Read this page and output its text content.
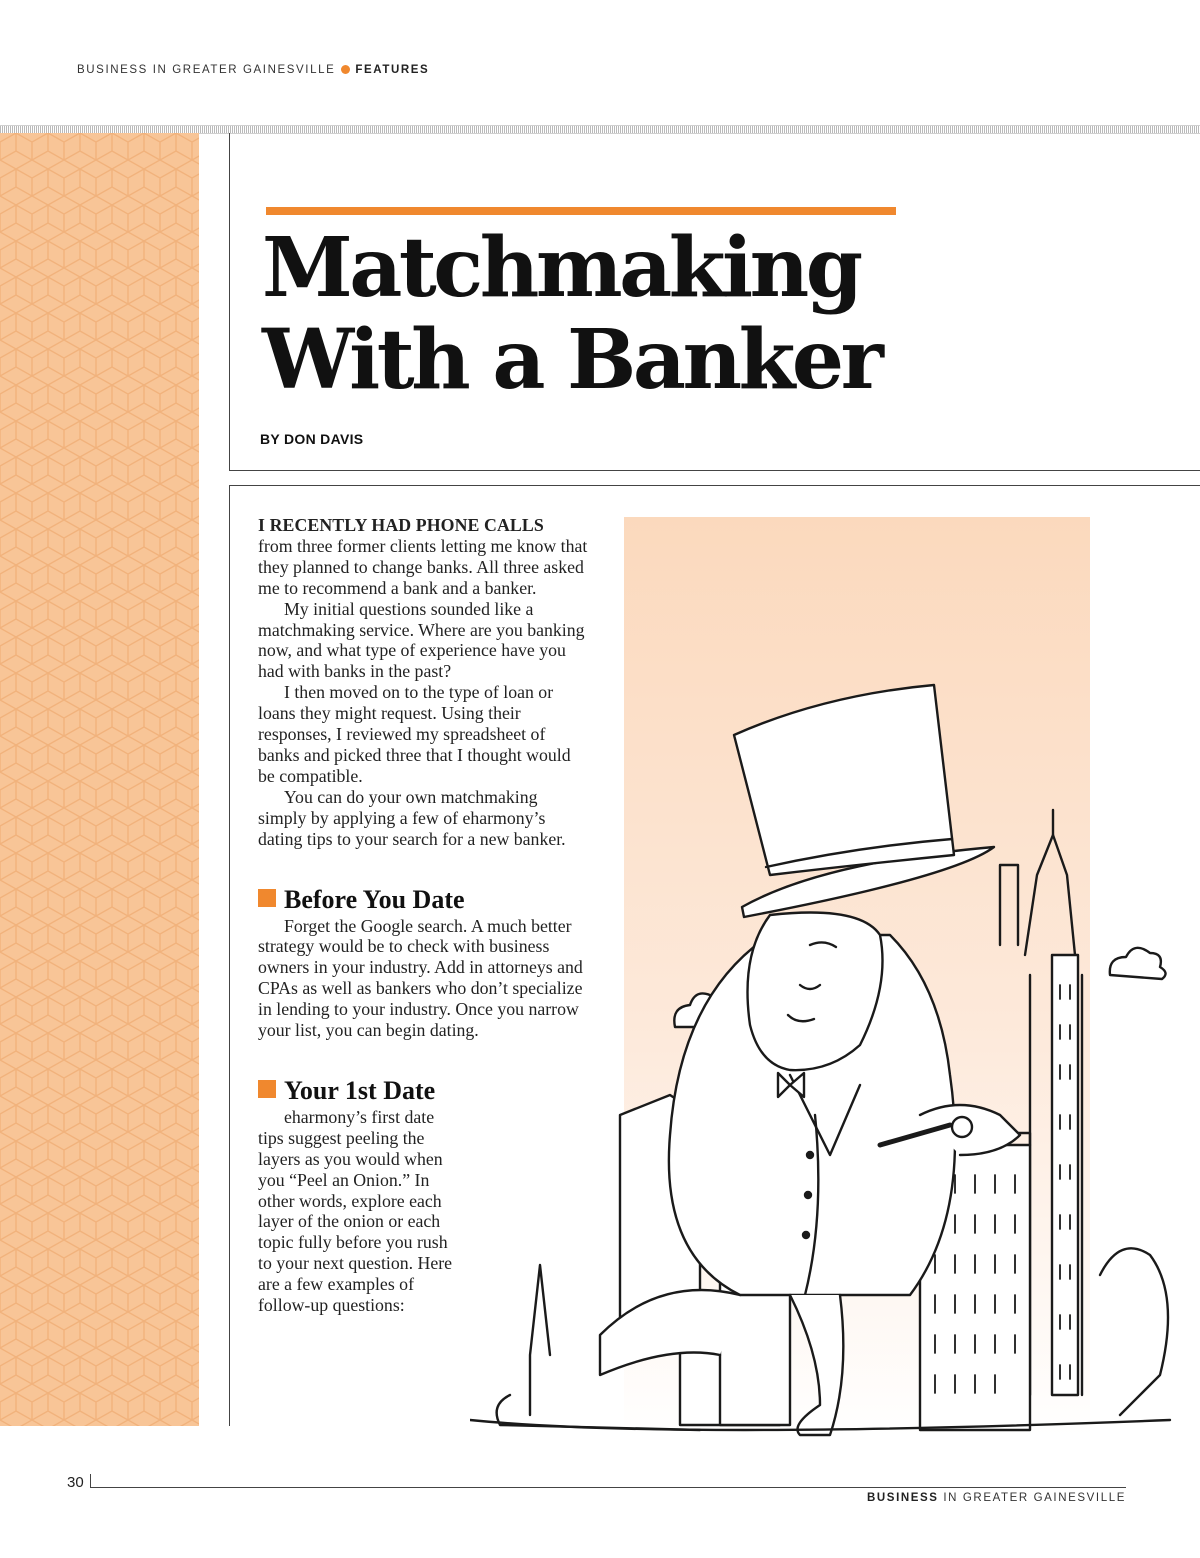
BUSINESS IN GREATER GAINESVILLE FEATURES
Matchmaking
With a Banker
BY DON DAVIS

I RECENTLY HAD PHONE CALLS
from three former clients letting me know that they planned to change banks. All three asked me to recommend a bank and a banker.

My initial questions sounded like a matchmaking service. Where are you banking now, and what type of experience have you had with banks in the past?

I then moved on to the type of loan or loans they might request. Using their responses, I reviewed my spreadsheet of banks and picked three that I thought would be compatible.

You can do your own matchmaking simply by applying a few of eharmony’s dating tips to your search for a new banker.

Before You Date

Forget the Google search. A much better strategy would be to check with business owners in your industry. Add in attorneys and CPAs as well as bankers who don’t specialize in lending to your industry. Once you narrow your list, you can begin dating.

Your 1st Date

eharmony’s first date tips suggest peeling the layers as you would when you “Peel an Onion.” In other words, explore each layer of the onion or each topic fully before you rush to your next question. Here are a few examples of follow-up questions:

30
BUSINESS IN GREATER GAINESVILLE
